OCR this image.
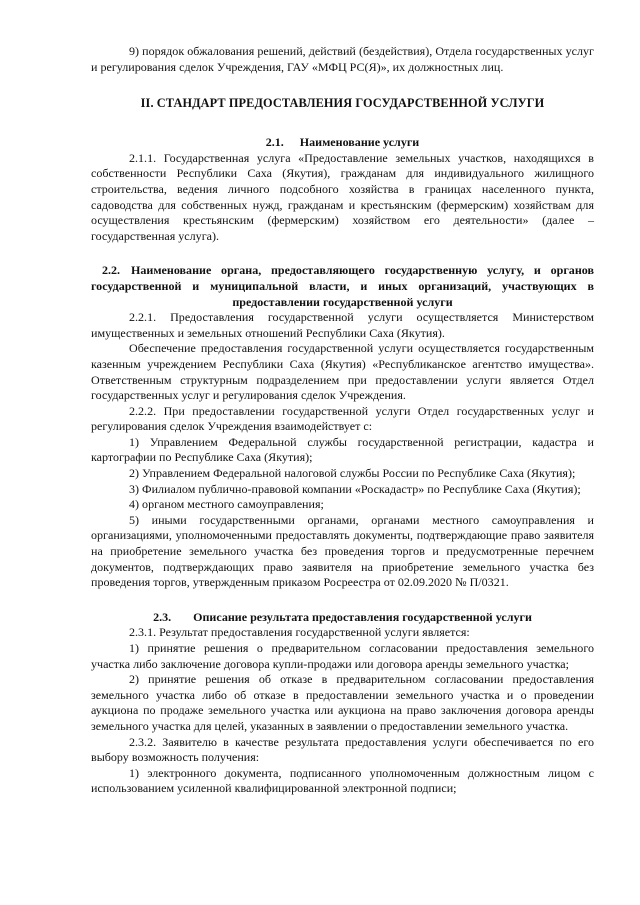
9) порядок обжалования решений, действий (бездействия), Отдела государственных услуг и регулирования сделок Учреждения, ГАУ «МФЦ РС(Я)», их должностных лиц.

II. СТАНДАРТ ПРЕДОСТАВЛЕНИЯ ГОСУДАРСТВЕННОЙ УСЛУГИ
2.1. Наименование услуги

2.1.1. Государственная услуга «Предоставление земельных участков, находящихся в собственности Республики Саха (Якутия), гражданам для индивидуального жилищного строительства, ведения личного подсобного хозяйства в границах населенного пункта, садоводства для собственных нужд, гражданам и крестьянским (фермерским) хозяйствам для осуществления крестьянским (фермерским) хозяйством его деятельности» (далее – государственная услуга).

2.2. Наименование органа, предоставляющего государственную услугу, и органов государственной и муниципальной власти, и иных организаций, участвующих в предоставлении государственной услуги

2.2.1. Предоставления государственной услуги осуществляется Министерством имущественных и земельных отношений Республики Саха (Якутия).

Обеспечение предоставления государственной услуги осуществляется государственным казенным учреждением Республики Саха (Якутия) «Республиканское агентство имущества». Ответственным структурным подразделением при предоставлении услуги является Отдел государственных услуг и регулирования сделок Учреждения.

2.2.2. При предоставлении государственной услуги Отдел государственных услуг и регулирования сделок Учреждения взаимодействует с:

1) Управлением Федеральной службы государственной регистрации, кадастра и картографии по Республике Саха (Якутия);

2) Управлением Федеральной налоговой службы России по Республике Саха (Якутия);

3) Филиалом публично-правовой компании «Роскадастр» по Республике Саха (Якутия);

4) органом местного самоуправления;

5) иными государственными органами, органами местного самоуправления и организациями, уполномоченными предоставлять документы, подтверждающие право заявителя на приобретение земельного участка без проведения торгов и предусмотренные перечнем документов, подтверждающих право заявителя на приобретение земельного участка без проведения торгов, утвержденным приказом Росреестра от 02.09.2020 № П/0321.

2.3. Описание результата предоставления государственной услуги

2.3.1. Результат предоставления государственной услуги является:

1) принятие решения о предварительном согласовании предоставления земельного участка либо заключение договора купли-продажи или договора аренды земельного участка;

2) принятие решения об отказе в предварительном согласовании предоставления земельного участка либо об отказе в предоставлении земельного участка и о проведении аукциона по продаже земельного участка или аукциона на право заключения договора аренды земельного участка для целей, указанных в заявлении о предоставлении земельного участка.

2.3.2. Заявителю в качестве результата предоставления услуги обеспечивается по его выбору возможность получения:

1) электронного документа, подписанного уполномоченным должностным лицом с использованием усиленной квалифицированной электронной подписи;
